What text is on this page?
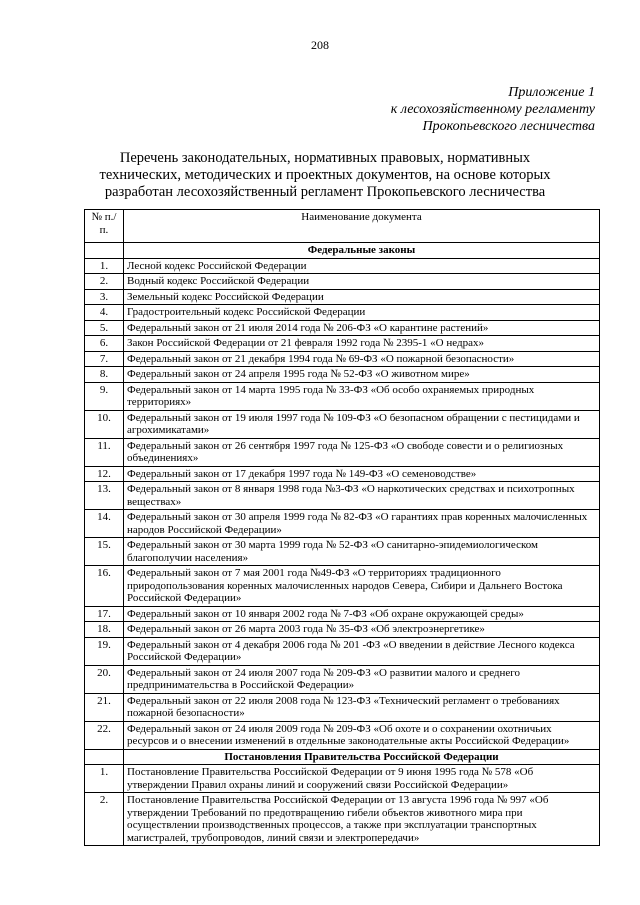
208
Приложение 1
к лесохозяйственному регламенту
Прокопьевского лесничества
Перечень законодательных, нормативных правовых, нормативных технических, методических и проектных документов, на основе которых разработан лесохозяйственный регламент Прокопьевского лесничества
№ п./п.	Наименование документа
	Федеральные законы
1.	Лесной кодекс Российской Федерации
2.	Водный кодекс Российской Федерации
3.	Земельный кодекс Российской Федерации
4.	Градостроительный кодекс Российской Федерации
5.	Федеральный закон от 21 июля 2014 года № 206-ФЗ «О карантине растений»
6.	Закон Российской Федерации от 21 февраля 1992 года № 2395-1 «О недрах»
7.	Федеральный закон от 21 декабря 1994 года № 69-ФЗ «О пожарной безопасности»
8.	Федеральный закон от 24 апреля 1995 года № 52-ФЗ «О животном мире»
9.	Федеральный закон от 14 марта 1995 года № 33-ФЗ «Об особо охраняемых природных территориях»
10.	Федеральный закон от 19 июля 1997 года № 109-ФЗ «О безопасном обращении с пестицидами и агрохимикатами»
11.	Федеральный закон от 26 сентября 1997 года № 125-ФЗ «О свободе совести и о религиозных объединениях»
12.	Федеральный закон от 17 декабря 1997 года № 149-ФЗ «О семеноводстве»
13.	Федеральный закон от 8 января 1998 года №3-ФЗ «О наркотических средствах и психотропных веществах»
14.	Федеральный закон от 30 апреля 1999 года № 82-ФЗ «О гарантиях прав коренных малочисленных народов Российской Федерации»
15.	Федеральный закон от 30 марта 1999 года № 52-ФЗ «О санитарно-эпидемиологическом благополучии населения»
16.	Федеральный закон от 7 мая 2001 года №49-ФЗ «О территориях традиционного природопользования коренных малочисленных народов Севера, Сибири и Дальнего Востока Российской Федерации»
17.	Федеральный закон от 10 января 2002 года № 7-ФЗ «Об охране окружающей среды»
18.	Федеральный закон от 26 марта 2003 года № 35-ФЗ «Об электроэнергетике»
19.	Федеральный закон от 4 декабря 2006 года № 201 -ФЗ «О введении в действие Лесного кодекса Российской Федерации»
20.	Федеральный закон от 24 июля 2007 года № 209-ФЗ «О развитии малого и среднего предпринимательства в Российской Федерации»
21.	Федеральный закон от 22 июля 2008 года № 123-ФЗ «Технический регламент о требованиях пожарной безопасности»
22.	Федеральный закон от 24 июля 2009 года № 209-ФЗ «Об охоте и о сохранении охотничьих ресурсов и о внесении изменений в отдельные законодательные акты Российской Федерации»
	Постановления Правительства Российской Федерации
1.	Постановление Правительства Российской Федерации от 9 июня 1995 года № 578 «Об утверждении Правил охраны линий и сооружений связи Российской Федерации»
2.	Постановление Правительства Российской Федерации от 13 августа 1996 года № 997 «Об утверждении Требований по предотвращению гибели объектов животного мира при осуществлении производственных процессов, а также при эксплуатации транспортных магистралей, трубопроводов, линий связи и электропередачи»
